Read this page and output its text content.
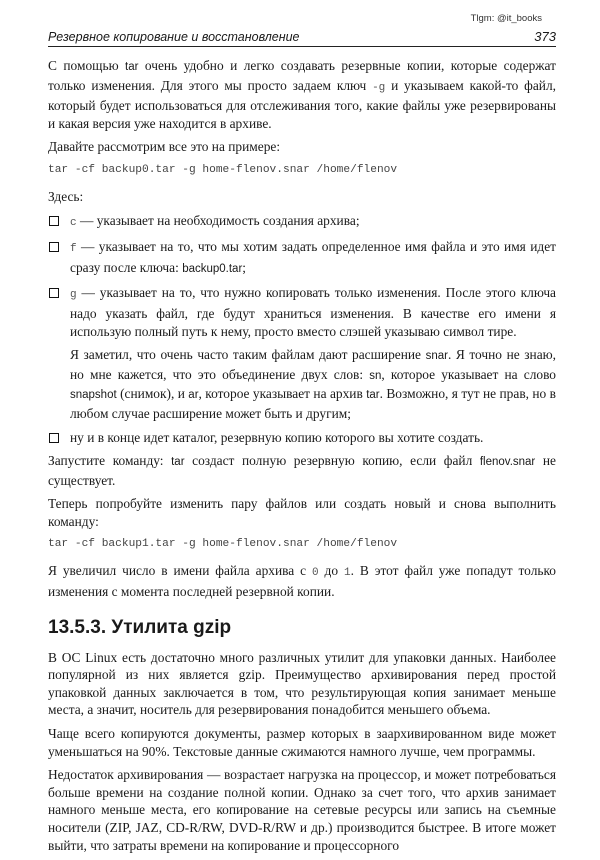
Tlgm: @it_books
Резервное копирование и восстановление	373

С помощью tar очень удобно и легко создавать резервные копии, которые содержат только изменения. Для этого мы просто задаем ключ -g и указываем какой-то файл, который будет использоваться для отслеживания того, какие файлы уже резервированы и какая версия уже находится в архиве.

Давайте рассмотрим все это на примере:

tar -cf backup0.tar -g home-flenov.snar /home/flenov

Здесь:

c — указывает на необходимость создания архива;
f — указывает на то, что мы хотим задать определенное имя файла и это имя идет сразу после ключа: backup0.tar;
g — указывает на то, что нужно копировать только изменения. После этого ключа надо указать файл, где будут храниться изменения. В качестве его имени я использую полный путь к нему, просто вместо слэшей указываю символ тире.

Я заметил, что очень часто таким файлам дают расширение snar. Я точно не знаю, но мне кажется, что это объединение двух слов: sn, которое указывает на слово snapshot (снимок), и ar, которое указывает на архив tar. Возможно, я тут не прав, но в любом случае расширение может быть и другим;

ну и в конце идет каталог, резервную копию которого вы хотите создать.

Запустите команду: tar создаст полную резервную копию, если файл flenov.snar не существует.

Теперь попробуйте изменить пару файлов или создать новый и снова выполнить команду:

tar -cf backup1.tar -g home-flenov.snar /home/flenov

Я увеличил число в имени файла архива с 0 до 1. В этот файл уже попадут только изменения с момента последней резервной копии.

13.5.3. Утилита gzip

В ОС Linux есть достаточно много различных утилит для упаковки данных. Наиболее популярной из них является gzip. Преимущество архивирования перед простой упаковкой данных заключается в том, что результирующая копия занимает меньше места, а значит, носитель для резервирования понадобится меньшего объема.

Чаще всего копируются документы, размер которых в заархивированном виде может уменьшаться на 90%. Текстовые данные сжимаются намного лучше, чем программы.

Недостаток архивирования — возрастает нагрузка на процессор, и может потребоваться больше времени на создание полной копии. Однако за счет того, что архив занимает намного меньше места, его копирование на сетевые ресурсы или запись на съемные носители (ZIP, JAZ, CD-R/RW, DVD-R/RW и др.) производится быстрее. В итоге может выйти, что затраты времени на копирование и процессорного
